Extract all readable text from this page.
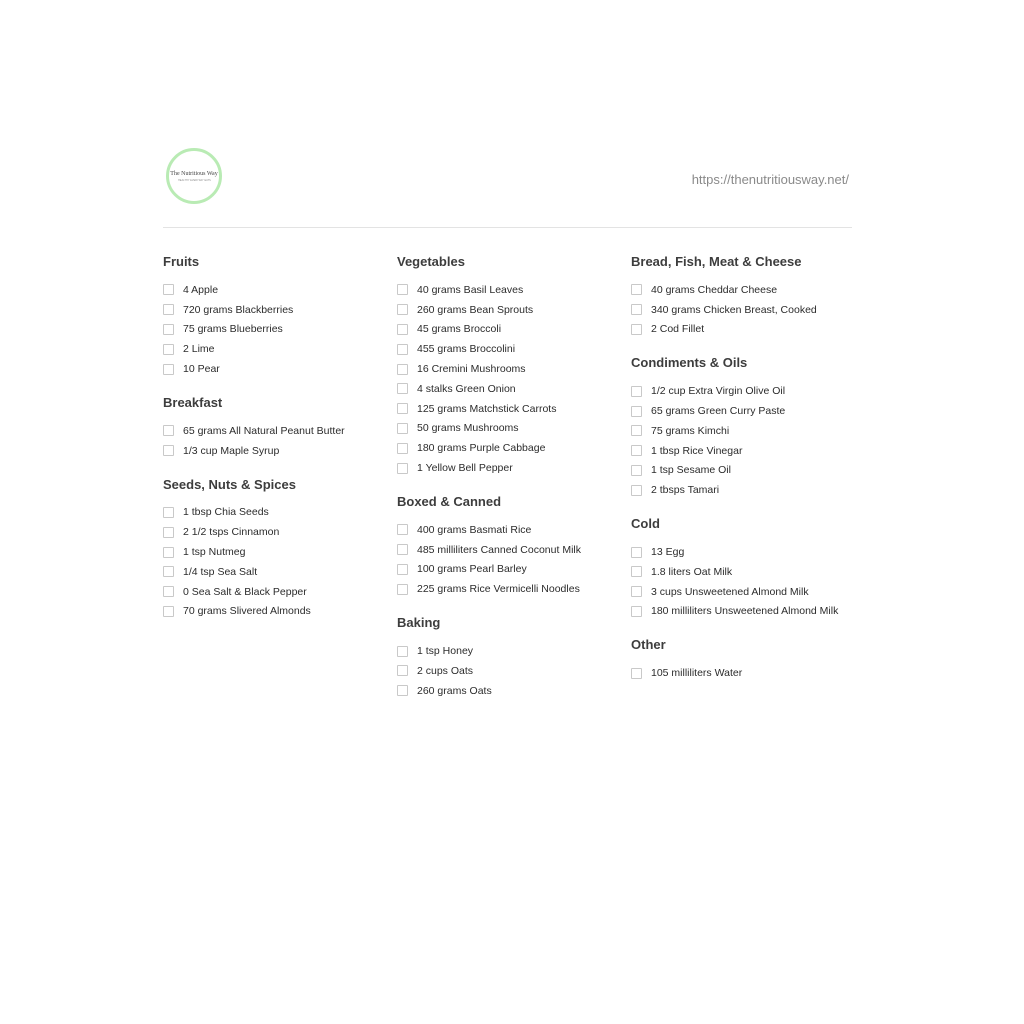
The Nutritious Way
HEALTHY EVERYDAY EATS	https://thenutritiousway.net/
Fruits
4 Apple
720 grams Blackberries
75 grams Blueberries
2 Lime
10 Pear
Breakfast
65 grams All Natural Peanut Butter
1/3 cup Maple Syrup
Seeds, Nuts & Spices
1 tbsp Chia Seeds
2 1/2 tsps Cinnamon
1 tsp Nutmeg
1/4 tsp Sea Salt
0 Sea Salt & Black Pepper
70 grams Slivered Almonds
Vegetables
40 grams Basil Leaves
260 grams Bean Sprouts
45 grams Broccoli
455 grams Broccolini
16 Cremini Mushrooms
4 stalks Green Onion
125 grams Matchstick Carrots
50 grams Mushrooms
180 grams Purple Cabbage
1 Yellow Bell Pepper
Boxed & Canned
400 grams Basmati Rice
485 milliliters Canned Coconut Milk
100 grams Pearl Barley
225 grams Rice Vermicelli Noodles
Baking
1 tsp Honey
2 cups Oats
260 grams Oats
Bread, Fish, Meat & Cheese
40 grams Cheddar Cheese
340 grams Chicken Breast, Cooked
2 Cod Fillet
Condiments & Oils
1/2 cup Extra Virgin Olive Oil
65 grams Green Curry Paste
75 grams Kimchi
1 tbsp Rice Vinegar
1 tsp Sesame Oil
2 tbsps Tamari
Cold
13 Egg
1.8 liters Oat Milk
3 cups Unsweetened Almond Milk
180 milliliters Unsweetened Almond Milk
Other
105 milliliters Water
